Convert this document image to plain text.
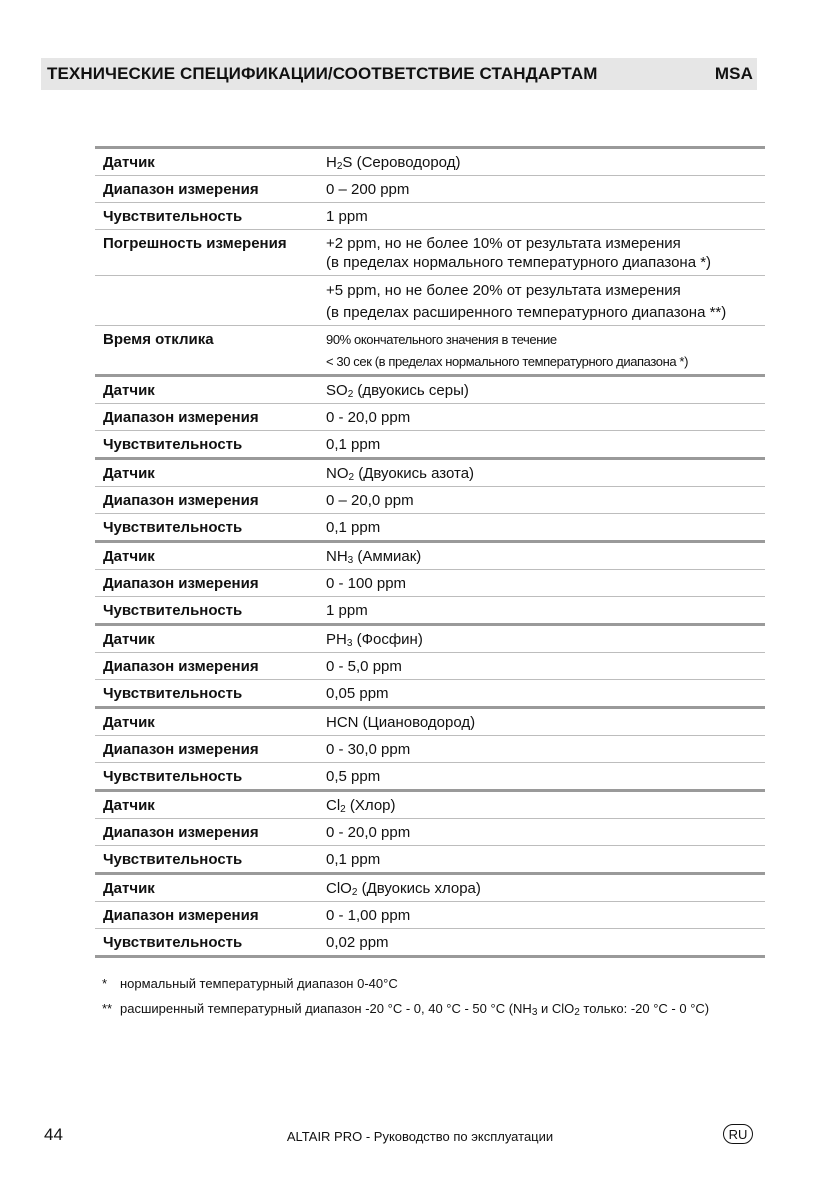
ТЕХНИЧЕСКИЕ СПЕЦИФИКАЦИИ/СООТВЕТСТВИЕ СТАНДАРТАМ	MSA
Датчик	$H_2S$ (Сероводород)
Диапазон измерения	0 – 200 ppm
Чувствительность	1 ppm
Погрешность измерения	+2 ppm, но не более 10% от результата измерения
(в пределах нормального температурного диапазона *)

	+5 ppm, но не более 20% от результата измерения
(в пределах расширенного температурного диапазона **)

Время отклика	90% окончательного значения в течение
< 30 сек (в пределах нормального температурного диапазона *)

Датчик	$SO_2$ (двуокись серы)
Диапазон измерения	0 - 20,0 ppm
Чувствительность	0,1 ppm
Датчик	$NO_2$ (Двуокись азота)
Диапазон измерения	0 – 20,0 ppm
Чувствительность	0,1 ppm
Датчик	$NH_3$ (Аммиак)
Диапазон измерения	0 - 100 ppm
Чувствительность	1 ppm
Датчик	$PH_3$ (Фосфин)
Диапазон измерения	0 - 5,0 ppm
Чувствительность	0,05 ppm
Датчик	HCN (Циановодород)
Диапазон измерения	0 - 30,0 ppm
Чувствительность	0,5 ppm
Датчик	$Cl_2$ (Хлор)
Диапазон измерения	0 - 20,0 ppm
Чувствительность	0,1 ppm
Датчик	ClO$_2$ (Двуокись хлора)
Диапазон измерения	0 - 1,00 ppm
Чувствительность	0,02 ppm
* нормальный температурный диапазон 0-40°C
** расширенный температурный диапазон -20 °C - 0, 40 °C - 50 °C ($NH_3$ и ClO$_2$ только: -20 °C - 0 °C)
44	ALTAIR PRO - Руководство по эксплуатации	RU
